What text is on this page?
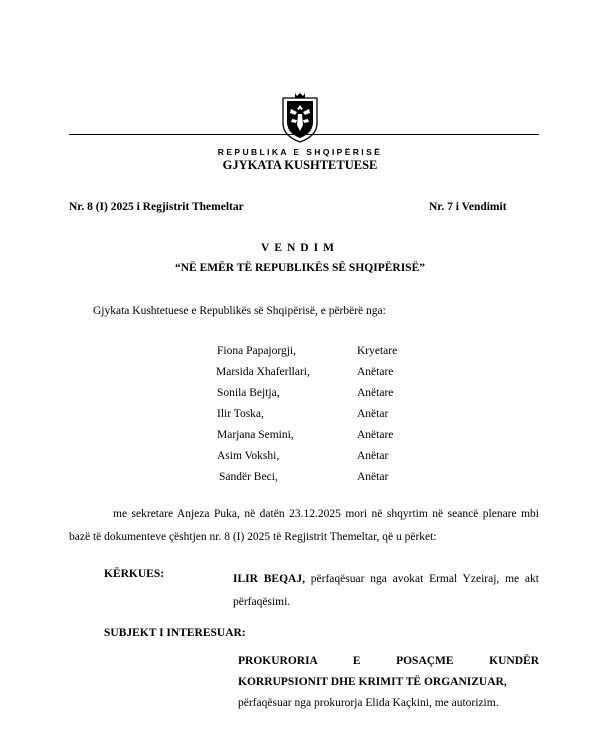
REPUBLIKA E SHQIPËRISË
GJYKATA KUSHTETUESE
Nr. 8 (I) 2025 i Regjistrit Themeltar	Nr. 7 i Vendimit
VENDIM
“NË EMËR TË REPUBLIKËS SË SHQIPËRISË”
Gjykata Kushtetuese e Republikës së Shqipërisë, e përbërë nga:
Fiona Papajorgji,	Kryetare
Marsida Xhaferllari,	Anëtare
Sonila Bejtja,	Anëtare
Ilir Toska,	Anëtar
Marjana Semini,	Anëtare
Asim Vokshi,	Anëtar
Sandër Beci,	Anëtar
me sekretare Anjeza Puka, në datën 23.12.2025 mori në shqyrtim në seancë plenare mbi
bazë të dokumenteve çështjen nr. 8 (I) 2025 të Regjistrit Themeltar, që u përket:
KËRKUES:	ILIR BEQAJ, përfaqësuar nga avokat Ermal Yzeiraj, me akt
përfaqësimi.
SUBJEKT I INTERESUAR:
PROKURORIA E POSAÇME KUNDËR
KORRUPSIONIT DHE KRIMIT TË ORGANIZUAR,
përfaqësuar nga prokurorja Elida Kaçkini, me autorizim.
